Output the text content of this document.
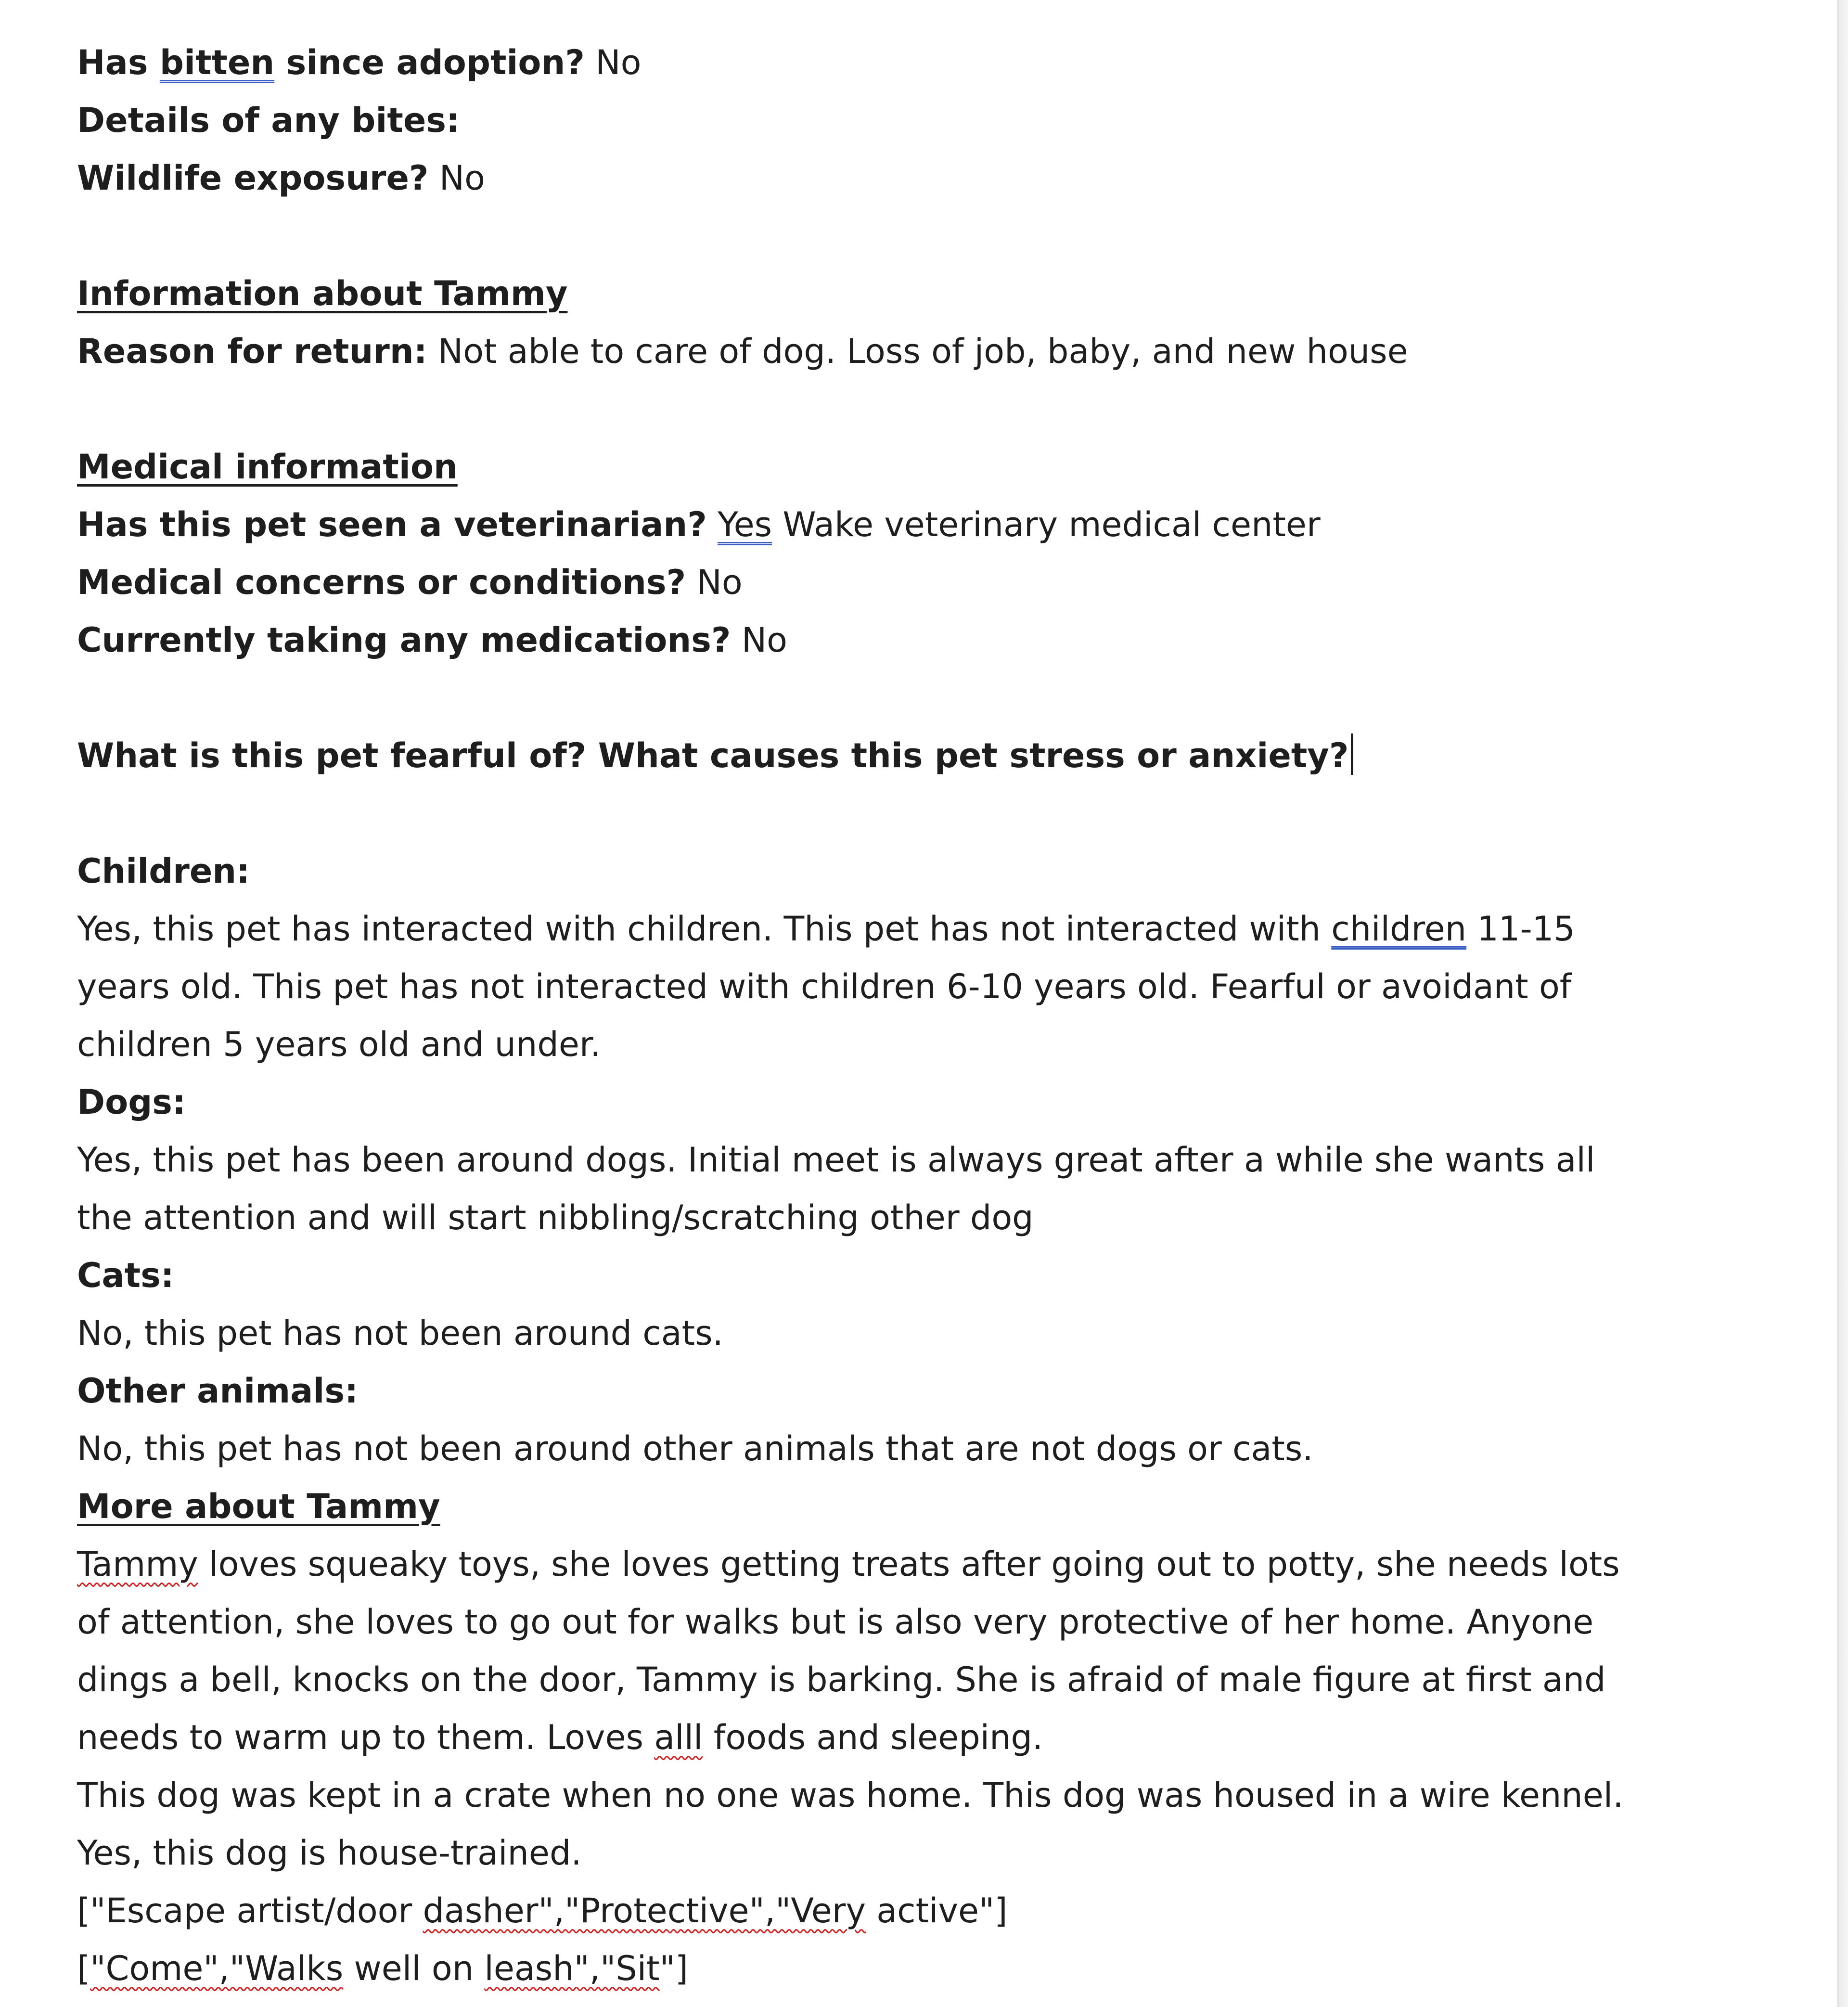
Has bitten since adoption? No
Details of any bites:
Wildlife exposure? No
Information about Tammy
Reason for return: Not able to care of dog. Loss of job, baby, and new house
Medical information
Has this pet seen a veterinarian? Yes Wake veterinary medical center
Medical concerns or conditions? No
Currently taking any medications? No
What is this pet fearful of? What causes this pet stress or anxiety?
Children:
Yes, this pet has interacted with children. This pet has not interacted with children 11-15 years old. This pet has not interacted with children 6-10 years old. Fearful or avoidant of children 5 years old and under.
Dogs:
Yes, this pet has been around dogs. Initial meet is always great after a while she wants all the attention and will start nibbling/scratching other dog
Cats:
No, this pet has not been around cats.
Other animals:
No, this pet has not been around other animals that are not dogs or cats.
More about Tammy
Tammy loves squeaky toys, she loves getting treats after going out to potty, she needs lots of attention, she loves to go out for walks but is also very protective of her home. Anyone dings a bell, knocks on the door, Tammy is barking. She is afraid of male figure at first and needs to warm up to them. Loves alll foods and sleeping.
This dog was kept in a crate when no one was home. This dog was housed in a wire kennel.
Yes, this dog is house-trained.
["Escape artist/door dasher","Protective","Very active"]
["Come","Walks well on leash","Sit"]
